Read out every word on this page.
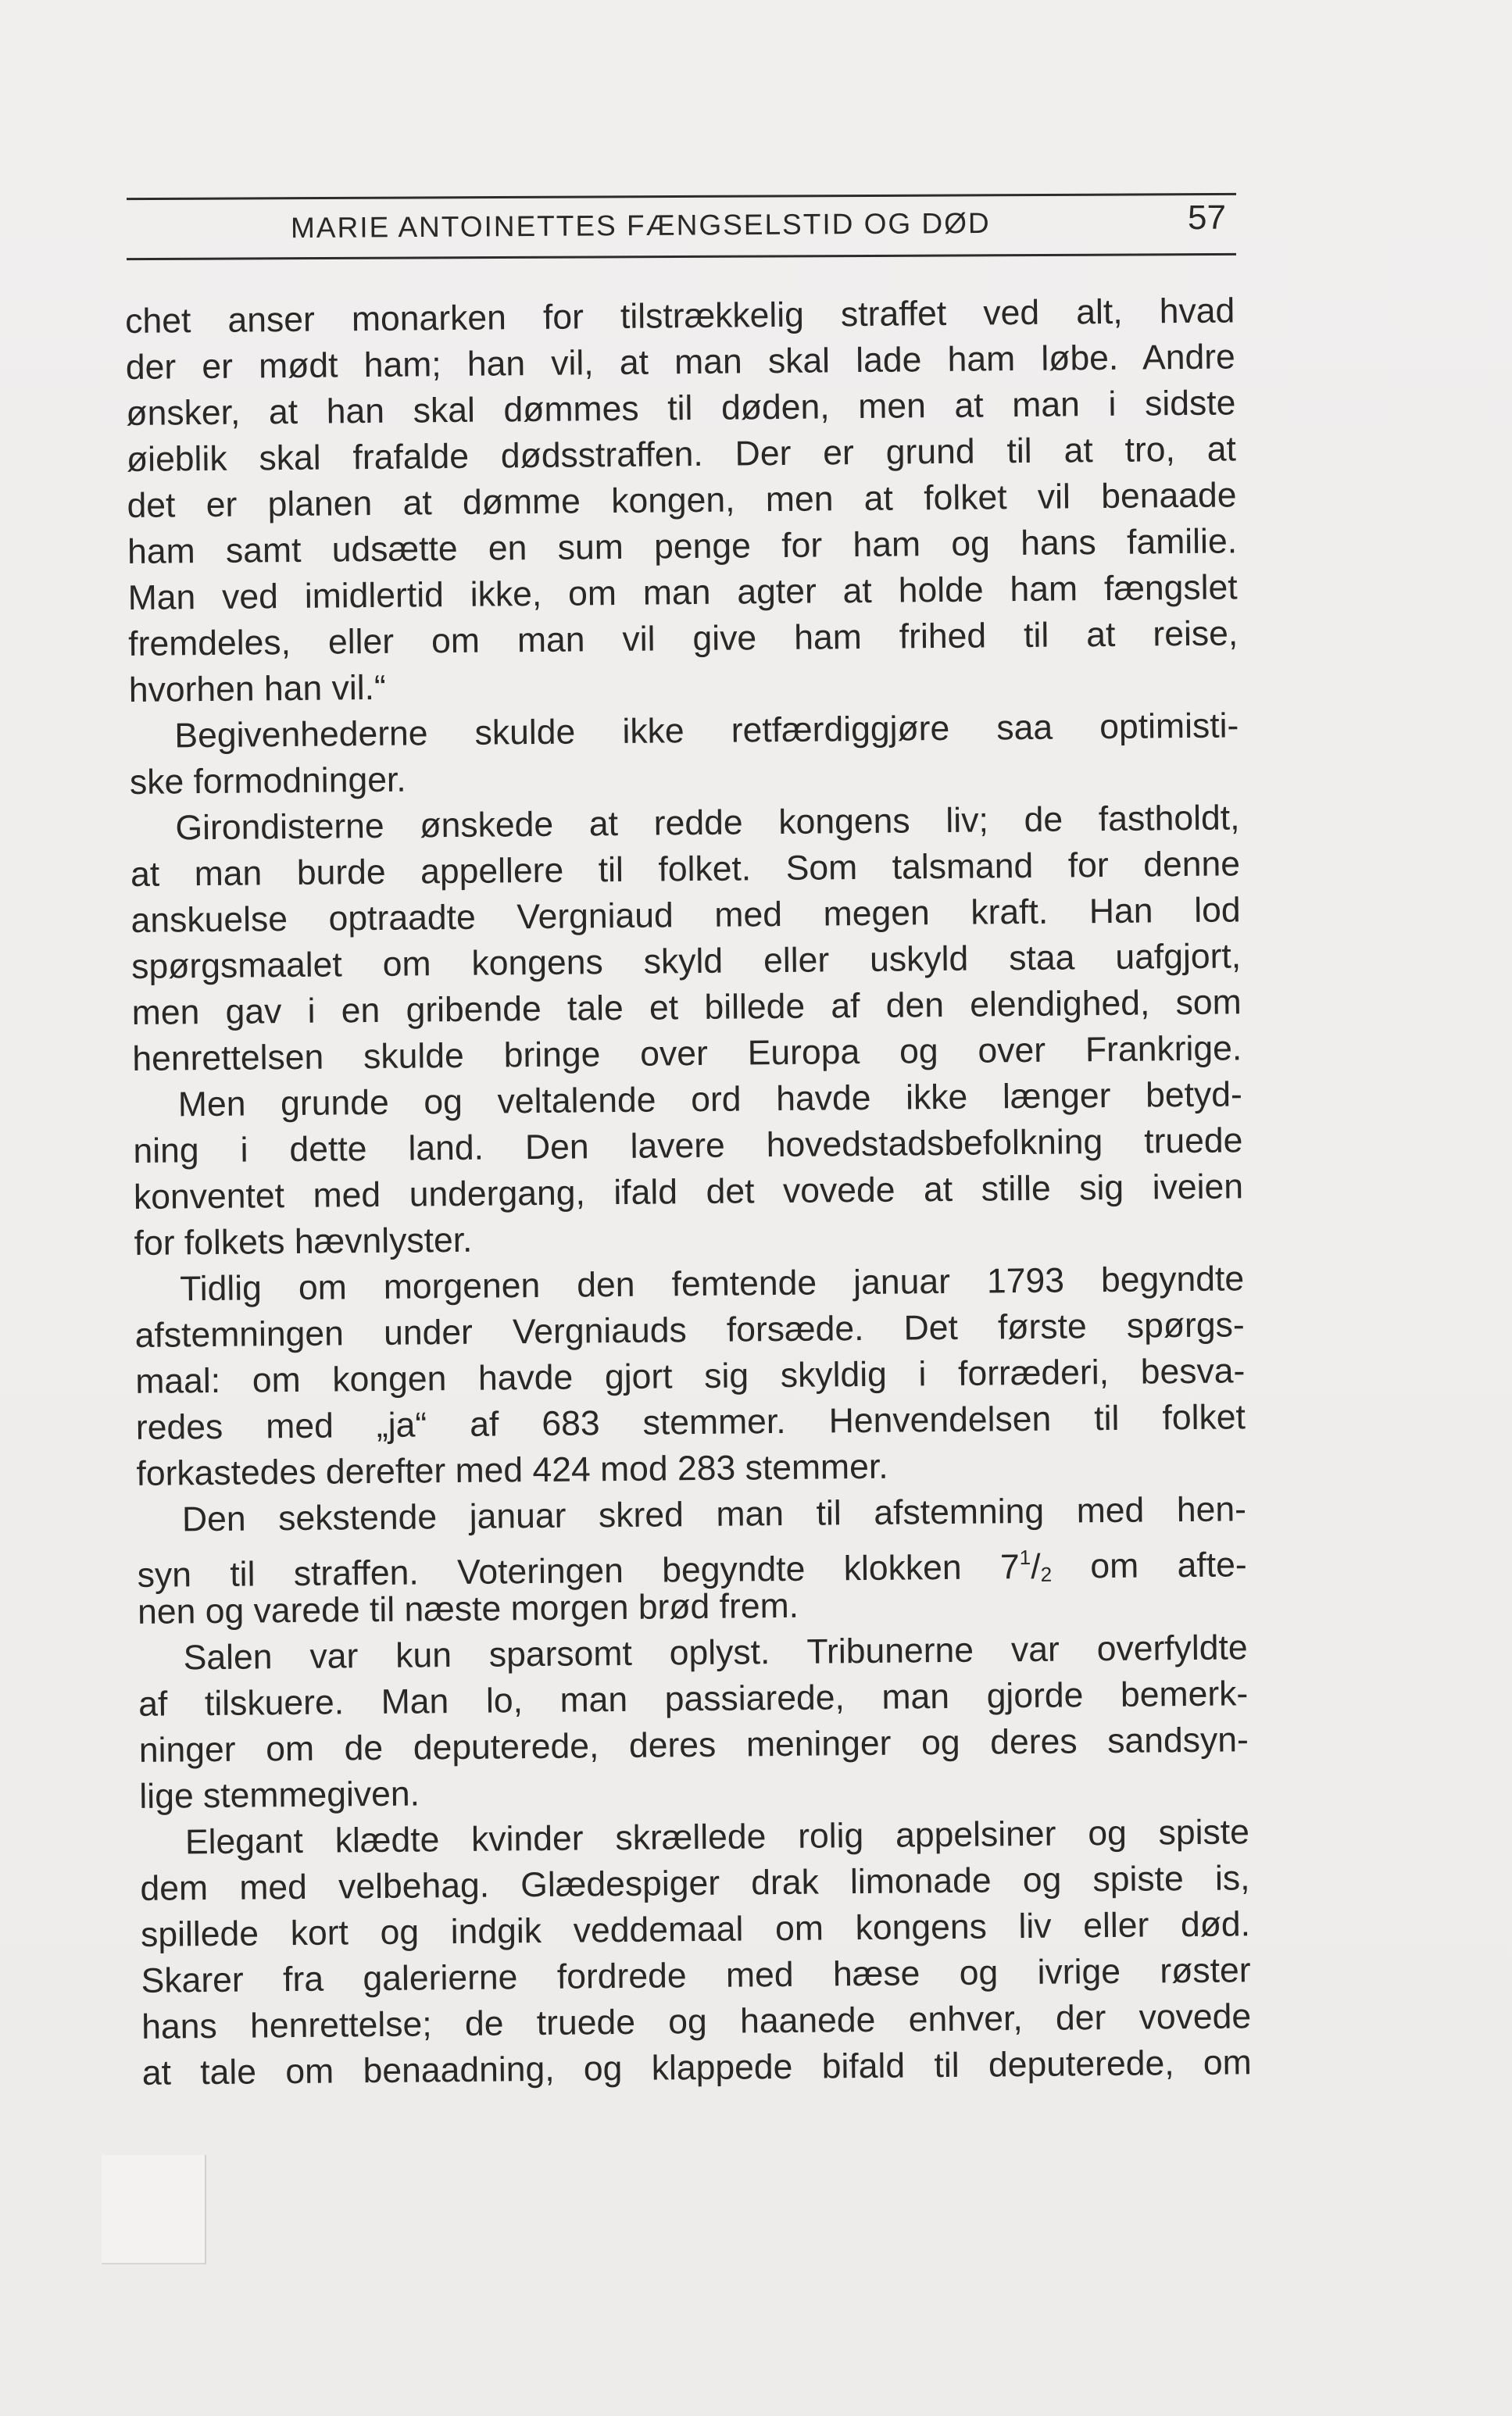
MARIE ANTOINETTES FÆNGSELSTID OG DØD	57
chet anser monarken for tilstrækkelig straffet ved alt, hvad
der er mødt ham; han vil, at man skal lade ham løbe. Andre
ønsker, at han skal dømmes til døden, men at man i sidste
øieblik skal frafalde dødsstraffen. Der er grund til at tro, at
det er planen at dømme kongen, men at folket vil benaade
ham samt udsætte en sum penge for ham og hans familie.
Man ved imidlertid ikke, om man agter at holde ham fængslet
fremdeles, eller om man vil give ham frihed til at reise,
hvorhen han vil.“
Begivenhederne skulde ikke retfærdiggjøre saa optimisti-
ske formodninger.
Girondisterne ønskede at redde kongens liv; de fastholdt,
at man burde appellere til folket. Som talsmand for denne
anskuelse optraadte Vergniaud med megen kraft. Han lod
spørgsmaalet om kongens skyld eller uskyld staa uafgjort,
men gav i en gribende tale et billede af den elendighed, som
henrettelsen skulde bringe over Europa og over Frankrige.
Men grunde og veltalende ord havde ikke længer betyd-
ning i dette land. Den lavere hovedstadsbefolkning truede
konventet med undergang, ifald det vovede at stille sig iveien
for folkets hævnlyster.
Tidlig om morgenen den femtende januar 1793 begyndte
afstemningen under Vergniauds forsæde. Det første spørgs-
maal: om kongen havde gjort sig skyldig i forræderi, besva-
redes med „ja“ af 683 stemmer. Henvendelsen til folket
forkastedes derefter med 424 mod 283 stemmer.
Den sekstende januar skred man til afstemning med hen-
syn til straffen. Voteringen begyndte klokken $7^1/2$ om afte-
nen og varede til næste morgen brød frem.
Salen var kun sparsomt oplyst. Tribunerne var overfyldte
af tilskuere. Man lo, man passiarede, man gjorde bemerk-
ninger om de deputerede, deres meninger og deres sandsyn-
lige stemmegiven.
Elegant klædte kvinder skrællede rolig appelsiner og spiste
dem med velbehag. Glædespiger drak limonade og spiste is,
spillede kort og indgik veddemaal om kongens liv eller død.
Skarer fra galerierne fordrede med hæse og ivrige røster
hans henrettelse; de truede og haanede enhver, der vovede
at tale om benaadning, og klappede bifald til deputerede, om
